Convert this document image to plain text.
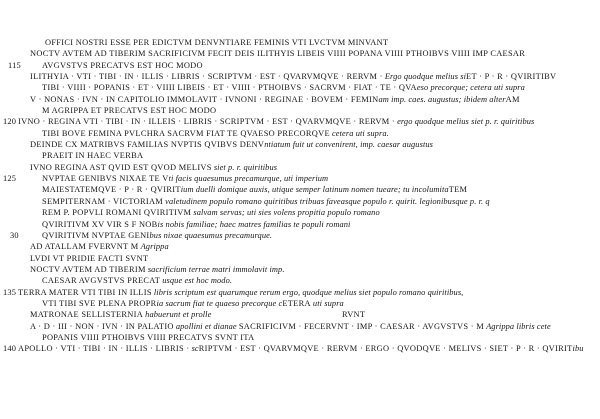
OFFICI NOSTRI ESSE PER EDICTVM DENVNTIARE FEMINIS VTI LVCTVM MINVANT
NOCTV AVTEM AD TIBERIM SACRIFICIVM FECIT DEIS ILITHYIS LIBEIS VIIII POPANA VIIII PTHOIBVS VIIII IMP CAESAR
115	AVGVSTVS PRECATVS EST HOC MODO
ILITHYIA · VTI · TIBI · IN · ILLIS · LIBRIS · SCRIPTVM · EST · QVARVMQVE · RERVM · Ergo quodque melius siET · P · R · QVIRITIBV
TIBI · VIIII · POPANIS · ET · VIIII LIBEIS · ET · VIIII · PTHOIBVS · SACRVM · FIAT · TE · QVAeso precorque; cetera uti supra
V · NONAS · IVN · IN CAPITOLIO IMMOLAVIT · IVNONI · REGINAE · BOVEM · FEMINam imp. caes. augustus; ibidem alterAM
M AGRIPPA ET PRECATVS EST HOC MODO
120 IVNO · REGINA VTI · TIBI · IN · ILLEIS · LIBRIS · SCRIPTVM · EST · QVARVMQVE · RERVM · ergo quodque melius siet p. r. quiritibus
TIBI BOVE FEMINA PVLCHRA SACRVM FIAT TE QVAESO PRECORQVE cetera uti supra.
DEINDE CX MATRIBVS FAMILIAS NVPTIS QVIBVS DENVntiatum fuit ut convenirent, imp. caesar augustus
PRAEIT IN HAEC VERBA
IVNO REGINA AST QVID EST QVOD MELIVS siet p. r. quiritibus
125	NVPTAE GENIBVS NIXAE TE Vti facis quaesumus precamurque, uti imperium
MAIESTATEMQVE · P · R · QVIRITium duelli domique auxis, utique semper latinum nomen tueare; tu incolumitaTEM
SEMPITERNAM · VICTORIAM valetudinem populo romano quiritibus tribuas faveasque populo r. quirit. legionibusque p. r. q
REM P. POPVLI ROMANI QVIRITIVM salvam servas; uti sies volens propitia populo romano
QVIRITIVM XV VIR S F NOBis nobis familiae; haec matres familias te populi romani
30	QVIRITIVM NVPTAE GENIbus nixae quaesumus precamurque.
AD ATALLAM FVERVNT M Agrippa
LVDI VT PRIDIE FACTI SVNT
NOCTV AVTEM AD TIBERIM sacrificium terrae matri immolavit imp.
CAESAR AVGVSTVS PRECAT usque est hoc modo.
135 TERRA MATER VTI TIBI IN ILLIS libris scriptum est quarumque rerum ergo, quodque melius siet populo romano quiritibus,
VTI TIBI SVE PLENA PROPRia sacrum fiat te quaeso precorque cETERA uti supra
MATRONAE SELLISTERNIA habuerunt et prolle	RVNT
A · D · III · NON · IVN · IN PALATIO apollini et dianae SACRIFICIVM · FECERVNT · IMP · CAESAR · AVGVSTVS · M Agrippa libris cete
POPANIS VIIII PTHOIBVS VIIII PRECATVS SVNT ITA
140 APOLLO · VTI · TIBI · IN · ILLIS · LIBRIS · scRIPTVM · EST · QVARVMQVE · RERVM · ERGO · QVODQVE · MELIVS · SIET · P · R · QVIRITibu
